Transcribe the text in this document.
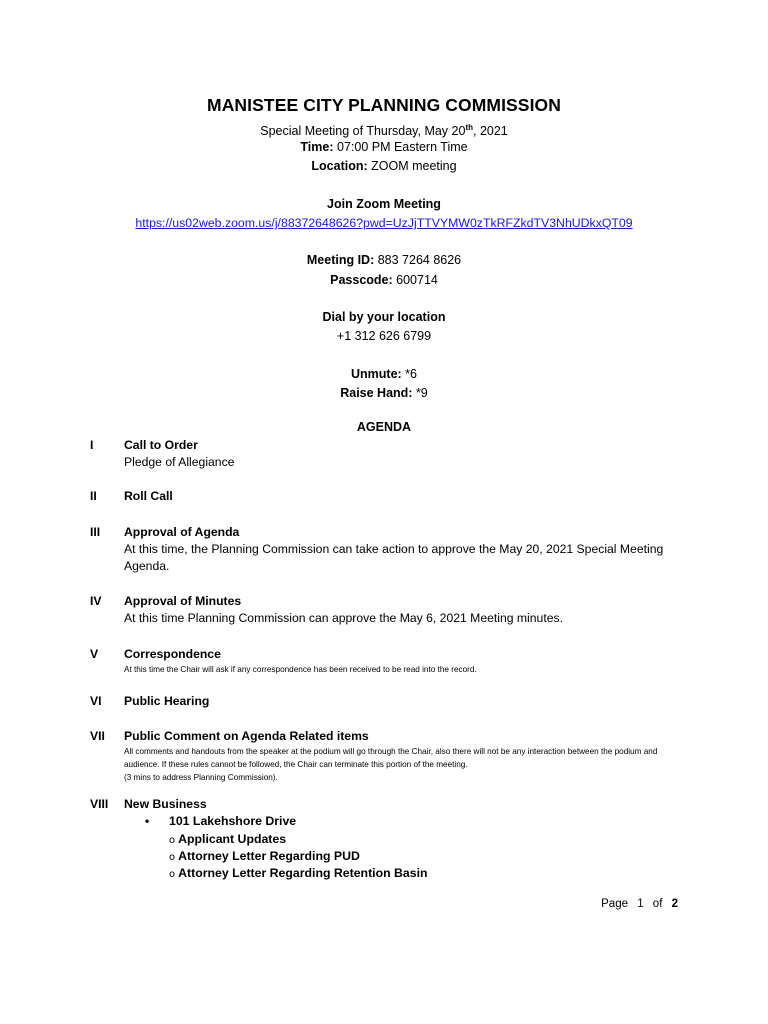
MANISTEE CITY PLANNING COMMISSION
Special Meeting of Thursday, May 20th, 2021
Time: 07:00 PM Eastern Time
Location: ZOOM meeting
Join Zoom Meeting
https://us02web.zoom.us/j/88372648626?pwd=UzJjTTVYMW0zTkRFZkdTV3NhUDkxQT09
Meeting ID: 883 7264 8626
Passcode: 600714
Dial by your location
+1 312 626 6799
Unmute: *6
Raise Hand: *9
AGENDA
I	Call to Order
Pledge of Allegiance
II	Roll Call
III	Approval of Agenda
At this time, the Planning Commission can take action to approve the May 20, 2021 Special Meeting Agenda.
IV	Approval of Minutes
At this time Planning Commission can approve the May 6, 2021 Meeting minutes.
V	Correspondence
At this time the Chair will ask if any correspondence has been received to be read into the record.
VI	Public Hearing
VII	Public Comment on Agenda Related items
All comments and handouts from the speaker at the podium will go through the Chair, also there will not be any interaction between the podium and audience. If these rules cannot be followed, the Chair can terminate this portion of the meeting.
(3 mins to address Planning Commission).
VIII	New Business
• 101 Lakehshore Drive
o Applicant Updates
o Attorney Letter Regarding PUD
o Attorney Letter Regarding Retention Basin
Page 1 of 2
